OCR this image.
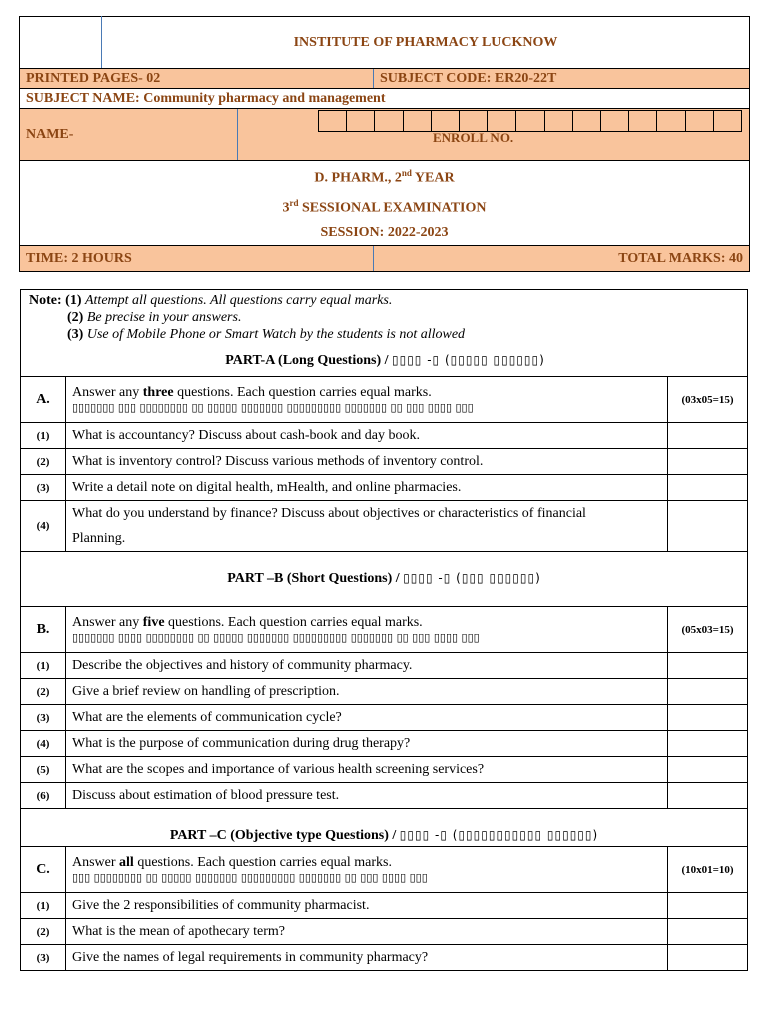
	INSTITUTE OF PHARMACY LUCKNOW		
PRINTED PAGES- 02			SUBJECT CODE: ER20-22T
SUBJECT NAME: Community pharmacy and management			
NAME-		ENROLL NO.	

D. PHARM., 2nd YEAR
3rd SESSIONAL EXAMINATION
SESSION: 2022-2023			

TIME: 2 HOURS			TOTAL MARKS: 40
Note: (1) Attempt all questions. All questions carry equal marks.
(2) Be precise in your answers.
(3) Use of Mobile Phone or Smart Watch by the students is not allowed
PART-A (Long Questions) / ▯▯▯▯ -▯ (▯▯▯▯▯ ▯▯▯▯▯▯)		

A.	Answer any three questions. Each question carries equal marks.
▯▯▯▯▯▯▯ ▯▯▯ ▯▯▯▯▯▯▯▯ ▯▯ ▯▯▯▯▯ ▯▯▯▯▯▯▯ ▯▯▯▯▯▯▯▯▯ ▯▯▯▯▯▯▯ ▯▯ ▯▯▯ ▯▯▯▯ ▯▯▯	(03x05=15)
(1)	What is accountancy? Discuss about cash-book and day book.	
(2)	What is inventory control? Discuss various methods of inventory control.	
(3)	Write a detail note on digital health, mHealth, and online pharmacies.	
(4)	What do you understand by finance? Discuss about objectives or characteristics of financial
Planning.	

PART –B (Short Questions) / ▯▯▯▯ -▯ (▯▯▯ ▯▯▯▯▯▯)		
B.	Answer any five questions. Each question carries equal marks.
▯▯▯▯▯▯▯ ▯▯▯▯ ▯▯▯▯▯▯▯▯ ▯▯ ▯▯▯▯▯ ▯▯▯▯▯▯▯ ▯▯▯▯▯▯▯▯▯ ▯▯▯▯▯▯▯ ▯▯ ▯▯▯ ▯▯▯▯ ▯▯▯	(05x03=15)
(1)	Describe the objectives and history of community pharmacy.	
(2)	Give a brief review on handling of prescription.	
(3)	What are the elements of communication cycle?	
(4)	What is the purpose of communication during drug therapy?	
(5)	What are the scopes and importance of various health screening services?	
(6)	Discuss about estimation of blood pressure test.	
PART –C (Objective type Questions) / ▯▯▯▯ -▯ (▯▯▯▯▯▯▯▯▯▯▯ ▯▯▯▯▯▯)		
C.	Answer all questions. Each question carries equal marks.
▯▯▯ ▯▯▯▯▯▯▯▯ ▯▯ ▯▯▯▯▯ ▯▯▯▯▯▯▯ ▯▯▯▯▯▯▯▯▯ ▯▯▯▯▯▯▯ ▯▯ ▯▯▯ ▯▯▯▯ ▯▯▯	(10x01=10)
(1)	Give the 2 responsibilities of community pharmacist.	
(2)	What is the mean of apothecary term?	
(3)	Give the names of legal requirements in community pharmacy?	
